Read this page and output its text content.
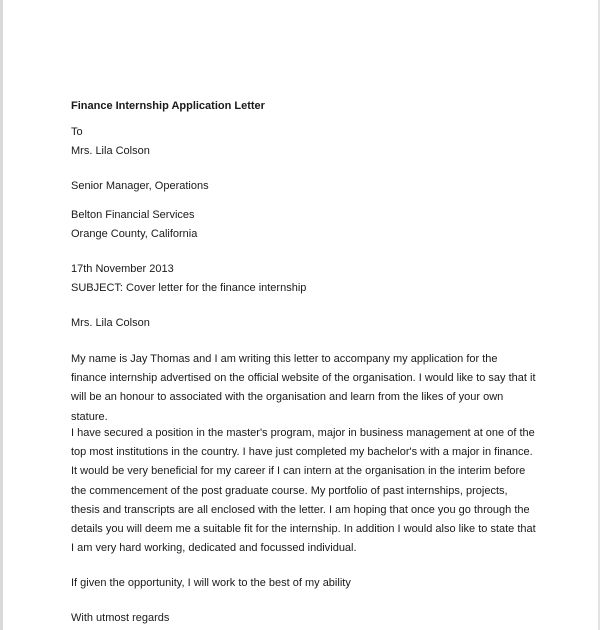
Finance Internship Application Letter
To
Mrs. Lila Colson
Senior Manager, Operations
Belton Financial Services
Orange County, California
17th November 2013
SUBJECT: Cover letter for the finance internship
Mrs. Lila Colson
My name is Jay Thomas and I am writing this letter to accompany my application for the finance internship advertised on the official website of the organisation. I would like to say that it will be an honour to associated with the organisation and learn from the likes of your own stature.
I have secured a position in the master's program, major in business management at one of the top most institutions in the country. I have just completed my bachelor's with a major in finance. It would be very beneficial for my career if I can intern at the organisation in the interim before the commencement of the post graduate course. My portfolio of past internships, projects, thesis and transcripts are all enclosed with the letter. I am hoping that once you go through the details you will deem me a suitable fit for the internship. In addition I would also like to state that I am very hard working, dedicated and focussed individual.
If given the opportunity, I will work to the best of my ability
With utmost regards
